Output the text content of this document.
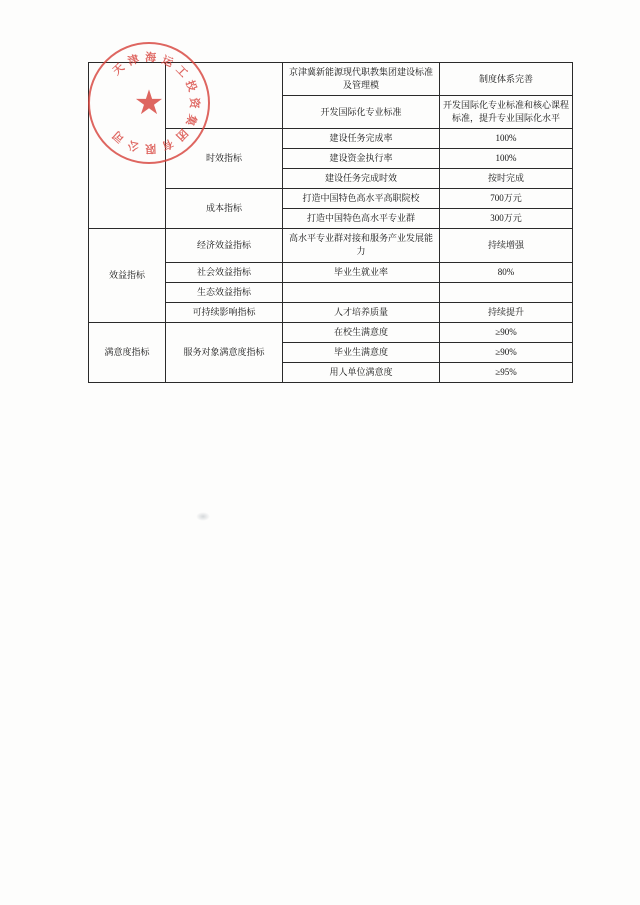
天
津 海 运
工
投
资
集
团
有
限
公
司
★
		京津冀新能源现代职教集团建设标准及管理模	制度体系完善
		开发国际化专业标准	开发国际化专业标准和核心课程标准，提升专业国际化水平
	时效指标	建设任务完成率	100%
		建设资金执行率	100%
		建设任务完成时效	按时完成
	成本指标	打造中国特色高水平高职院校	700万元
		打造中国特色高水平专业群	300万元
效益指标	经济效益指标	高水平专业群对接和服务产业发展能力	持续增强
	社会效益指标	毕业生就业率	80%
	生态效益指标		
	可持续影响指标	人才培养质量	持续提升
满意度指标	服务对象满意度指标	在校生满意度	≥90%
		毕业生满意度	≥90%
		用人单位满意度	≥95%
